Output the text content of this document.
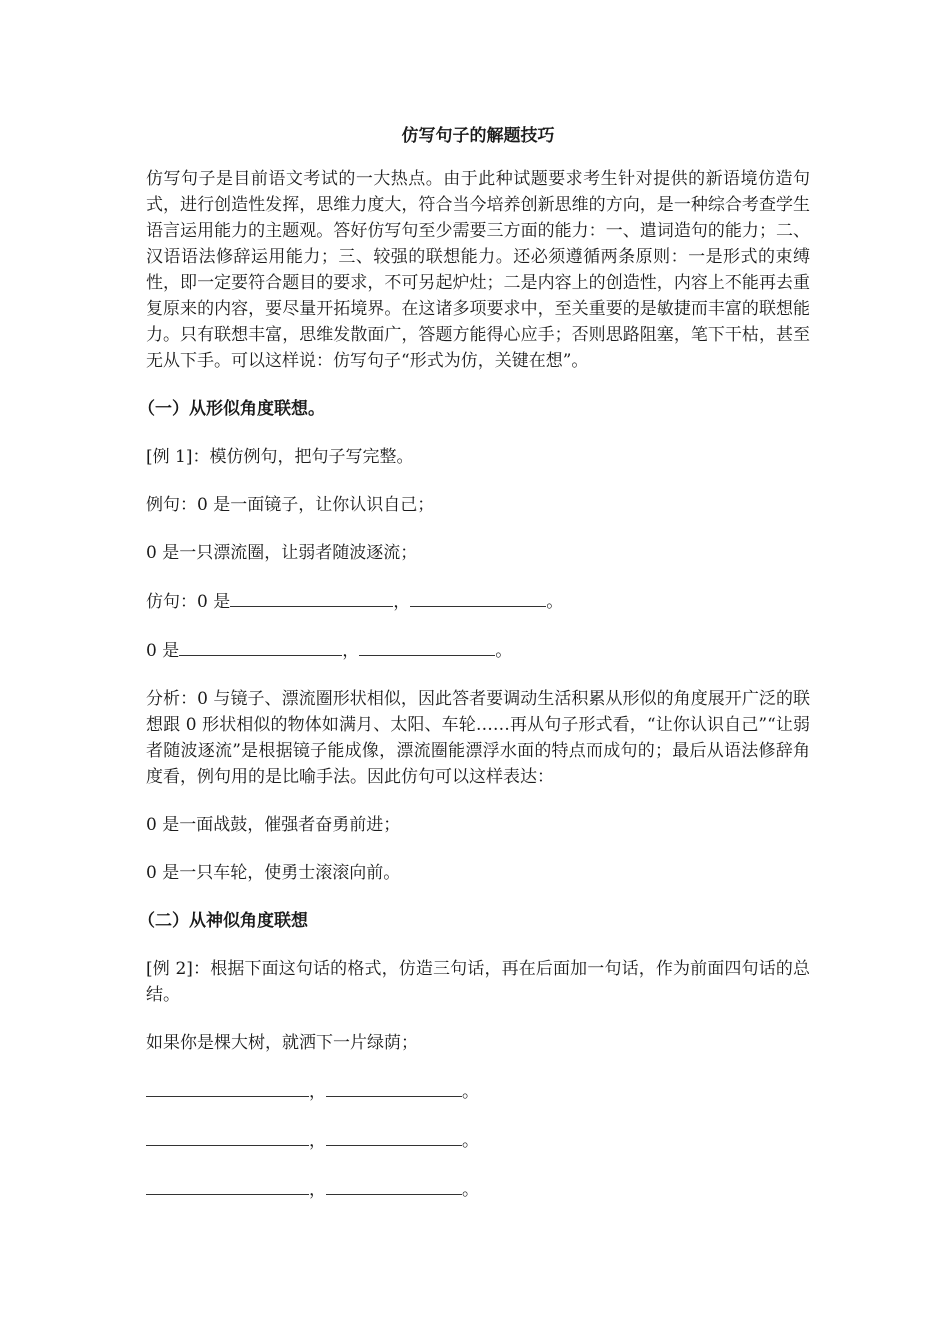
仿写句子的解题技巧
仿写句子是目前语文考试的一大热点。由于此种试题要求考生针对提供的新语境仿造句式，进行创造性发挥，思维力度大，符合当今培养创新思维的方向，是一种综合考查学生语言运用能力的主题观。答好仿写句至少需要三方面的能力：一、遣词造句的能力；二、汉语语法修辞运用能力；三、较强的联想能力。还必须遵循两条原则：一是形式的束缚性，即一定要符合题目的要求，不可另起炉灶；二是内容上的创造性，内容上不能再去重复原来的内容，要尽量开拓境界。在这诸多项要求中，至关重要的是敏捷而丰富的联想能力。只有联想丰富，思维发散面广，答题方能得心应手；否则思路阻塞，笔下干枯，甚至无从下手。可以这样说：仿写句子“形式为仿，关键在想”。
（一）从形似角度联想。
[例 1]：模仿例句，把句子写完整。
例句：0 是一面镜子，让你认识自己；
0 是一只漂流圈，让弱者随波逐流；
仿句：0 是	，	。
0 是	，	。
分析：0 与镜子、漂流圈形状相似，因此答者要调动生活积累从形似的角度展开广泛的联想跟 0 形状相似的物体如满月、太阳、车轮……再从句子形式看，“让你认识自己”“让弱者随波逐流”是根据镜子能成像，漂流圈能漂浮水面的特点而成句的；最后从语法修辞角度看，例句用的是比喻手法。因此仿句可以这样表达：
0 是一面战鼓，催强者奋勇前进；
0 是一只车轮，使勇士滚滚向前。
（二）从神似角度联想
[例 2]：根据下面这句话的格式，仿造三句话，再在后面加一句话，作为前面四句话的总结。
如果你是棵大树，就洒下一片绿荫；
，	。
，	。
，	。
